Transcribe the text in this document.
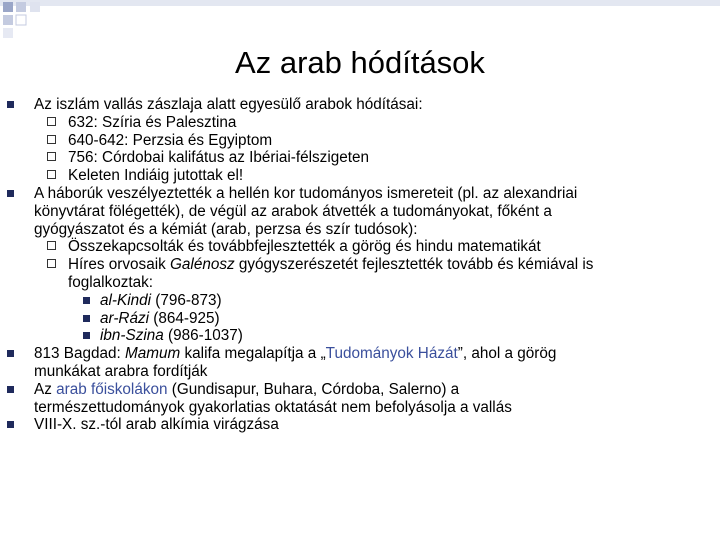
Az arab hódítások
Az iszlám vallás zászlaja alatt egyesülő arabok hódításai:
632: Szíria és Palesztina
640-642: Perzsia és Egyiptom
756: Córdobai kalifátus az Ibériai-félszigeten
Keleten Indiáig jutottak el!
A háborúk veszélyeztették a hellén kor tudományos ismereteit (pl. az alexandriai
könyvtárat fölégették), de végül az arabok átvették a tudományokat, főként a
gyógyászatot és a kémiát (arab, perzsa és szír tudósok):
Összekapcsolták és továbbfejlesztették a görög és hindu matematikát
Híres orvosaik Galénosz gyógyszerészetét fejlesztették tovább és kémiával is
foglalkoztak:
al-Kindi (796-873)
ar-Rázi (864-925)
ibn-Szina (986-1037)
813 Bagdad: Mamum kalifa megalapítja a „Tudományok Házát”, ahol a görög
munkákat arabra fordítják
Az arab főiskolákon (Gundisapur, Buhara, Córdoba, Salerno) a
természettudományok gyakorlatias oktatását nem befolyásolja a vallás
VIII-X. sz.-tól arab alkímia virágzása
